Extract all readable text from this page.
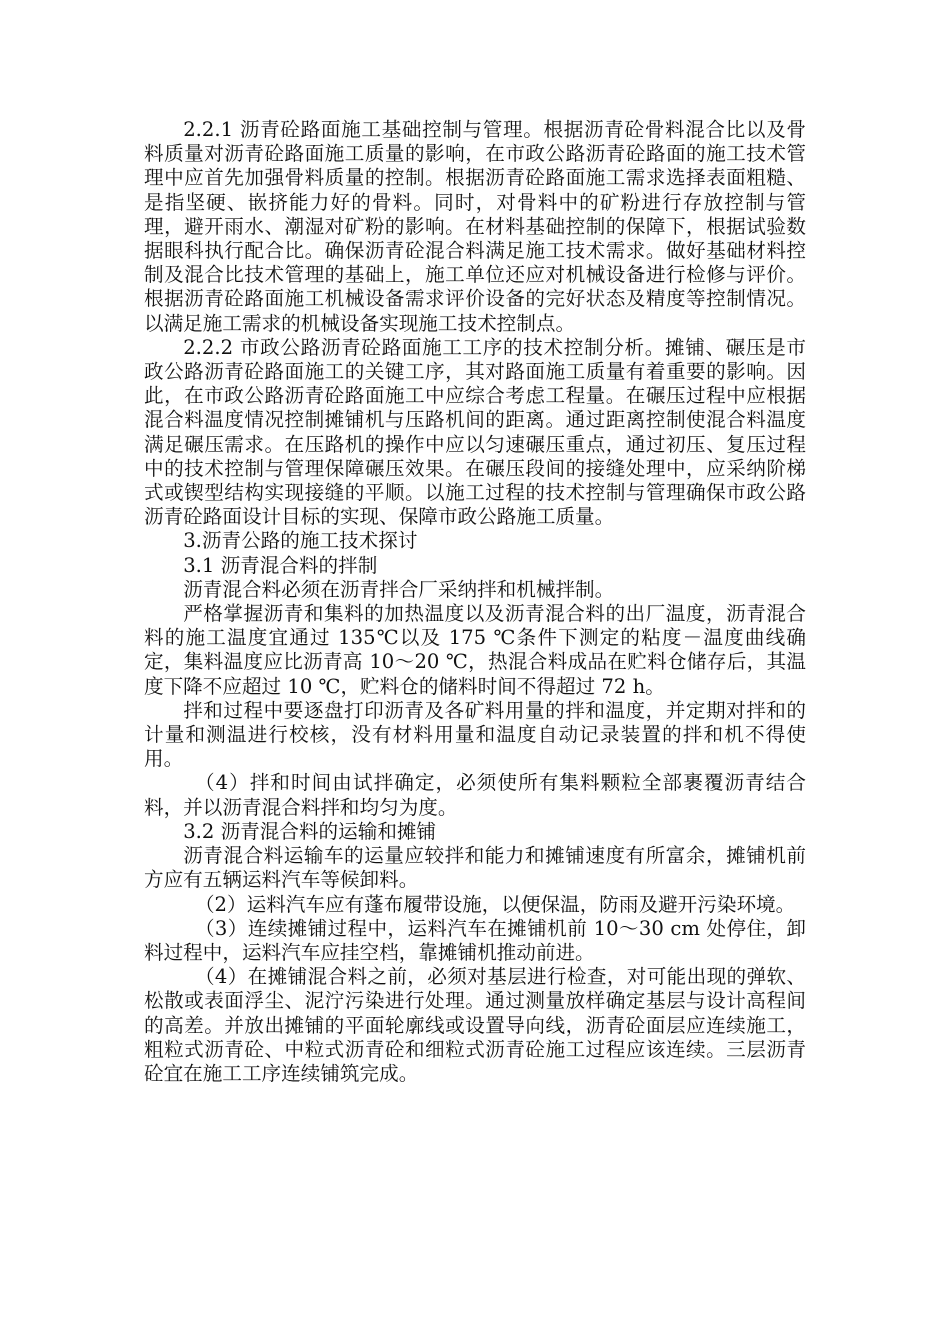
2.2.1 沥青砼路面施工基础控制与管理。根据沥青砼骨料混合比以及骨料质量对沥青砼路面施工质量的影响，在市政公路沥青砼路面的施工技术管理中应首先加强骨料质量的控制。根据沥青砼路面施工需求选择表面粗糙、是指坚硬、嵌挤能力好的骨料。同时，对骨料中的矿粉进行存放控制与管理，避开雨水、潮湿对矿粉的影响。在材料基础控制的保障下，根据试验数据眼科执行配合比。确保沥青砼混合料满足施工技术需求。做好基础材料控制及混合比技术管理的基础上，施工单位还应对机械设备进行检修与评价。根据沥青砼路面施工机械设备需求评价设备的完好状态及精度等控制情况。以满足施工需求的机械设备实现施工技术控制点。

2.2.2 市政公路沥青砼路面施工工序的技术控制分析。摊铺、碾压是市政公路沥青砼路面施工的关键工序，其对路面施工质量有着重要的影响。因此，在市政公路沥青砼路面施工中应综合考虑工程量。在碾压过程中应根据混合料温度情况控制摊铺机与压路机间的距离。通过距离控制使混合料温度满足碾压需求。在压路机的操作中应以匀速碾压重点，通过初压、复压过程中的技术控制与管理保障碾压效果。在碾压段间的接缝处理中，应采纳阶梯式或锲型结构实现接缝的平顺。以施工过程的技术控制与管理确保市政公路沥青砼路面设计目标的实现、保障市政公路施工质量。

3.沥青公路的施工技术探讨

3.1 沥青混合料的拌制

沥青混合料必须在沥青拌合厂采纳拌和机械拌制。

严格掌握沥青和集料的加热温度以及沥青混合料的出厂温度，沥青混合料的施工温度宜通过 135℃以及 175 ℃条件下测定的粘度－温度曲线确定，集料温度应比沥青高 10～20 ℃，热混合料成品在贮料仓储存后，其温度下降不应超过 10 ℃，贮料仓的储料时间不得超过 72 h。

拌和过程中要逐盘打印沥青及各矿料用量的拌和温度，并定期对拌和的计量和测温进行校核，没有材料用量和温度自动记录装置的拌和机不得使用。

（4）拌和时间由试拌确定，必须使所有集料颗粒全部裹覆沥青结合料，并以沥青混合料拌和均匀为度。

3.2 沥青混合料的运输和摊铺

沥青混合料运输车的运量应较拌和能力和摊铺速度有所富余，摊铺机前方应有五辆运料汽车等候卸料。

（2）运料汽车应有蓬布履带设施，以便保温，防雨及避开污染环境。

（3）连续摊铺过程中，运料汽车在摊铺机前 10～30 cm 处停住，卸料过程中，运料汽车应挂空档，靠摊铺机推动前进。

（4）在摊铺混合料之前，必须对基层进行检查，对可能出现的弹软、松散或表面浮尘、泥泞污染进行处理。通过测量放样确定基层与设计高程间的高差。并放出摊铺的平面轮廓线或设置导向线，沥青砼面层应连续施工，粗粒式沥青砼、中粒式沥青砼和细粒式沥青砼施工过程应该连续。三层沥青砼宜在施工工序连续铺筑完成。
